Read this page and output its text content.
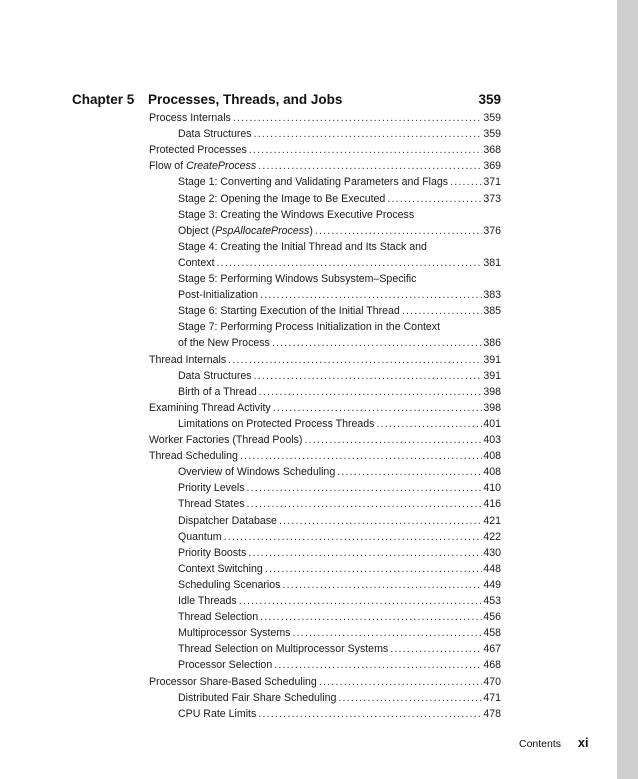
Chapter 5 Processes, Threads, and Jobs	359
Process Internals .....	359
Data Structures .....	359
Protected Processes .....	368
Flow of CreateProcess .....	369
Stage 1: Converting and Validating Parameters and Flags .....	371
Stage 2: Opening the Image to Be Executed .....	373
Stage 3: Creating the Windows Executive Process
Object (PspAllocateProcess) .....	376
Stage 4: Creating the Initial Thread and Its Stack and
Context .....	381
Stage 5: Performing Windows Subsystem–Specific
Post-Initialization .....	383
Stage 6: Starting Execution of the Initial Thread .....	385
Stage 7: Performing Process Initialization in the Context
of the New Process .....	386
Thread Internals .....	391
Data Structures .....	391
Birth of a Thread .....	398
Examining Thread Activity .....	398
Limitations on Protected Process Threads .....	401
Worker Factories (Thread Pools) .....	403
Thread Scheduling .....	408
Overview of Windows Scheduling .....	408
Priority Levels .....	410
Thread States .....	416
Dispatcher Database .....	421
Quantum .....	422
Priority Boosts .....	430
Context Switching .....	448
Scheduling Scenarios .....	449
Idle Threads .....	453
Thread Selection .....	456
Multiprocessor Systems .....	458
Thread Selection on Multiprocessor Systems .....	467
Processor Selection .....	468
Processor Share-Based Scheduling .....	470
Distributed Fair Share Scheduling .....	471
CPU Rate Limits .....	478
Contents xi
